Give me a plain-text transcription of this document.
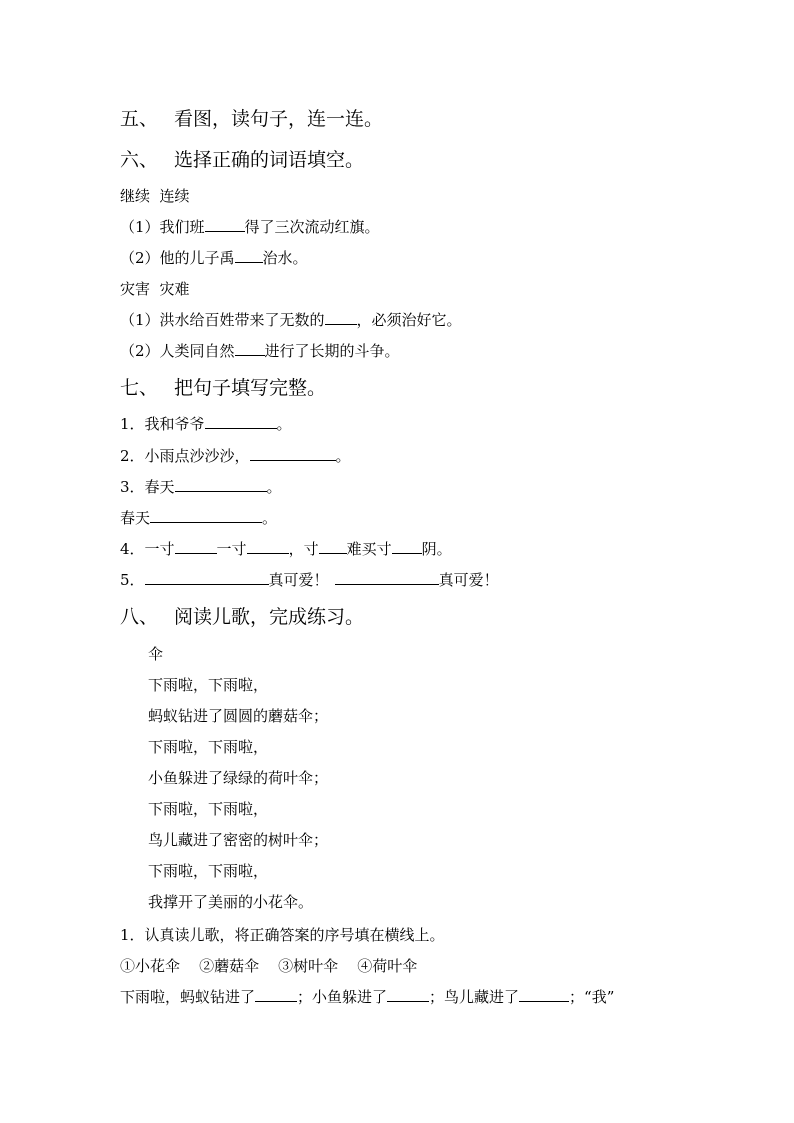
五、 看图，读句子，连一连。
六、 选择正确的词语填空。
继续  连续
（1）我们班	得了三次流动红旗。
（2）他的儿子禹 治水。
灾害  灾难
（1）洪水给百姓带来了无数的 ，必须治好它。
（2）人类同自然 进行了长期的斗争。
七、 把句子填写完整。
1．我和爷爷	。
2．小雨点沙沙沙，	。
3．春天	。
春天	。
4．一寸	一寸	，寸 难买寸 阴。
5．	真可爱！	真可爱！
八、 阅读儿歌，完成练习。
伞
下雨啦，下雨啦，
蚂蚁钻进了圆圆的蘑菇伞；
下雨啦，下雨啦，
小鱼躲进了绿绿的荷叶伞；
下雨啦，下雨啦，
鸟儿藏进了密密的树叶伞；
下雨啦，下雨啦，
我撑开了美丽的小花伞。
1．认真读儿歌，将正确答案的序号填在横线上。
①小花伞    ②蘑菇伞    ③树叶伞    ④荷叶伞
下雨啦，蚂蚁钻进了	；小鱼躲进了	；鸟儿藏进了	；“我”
